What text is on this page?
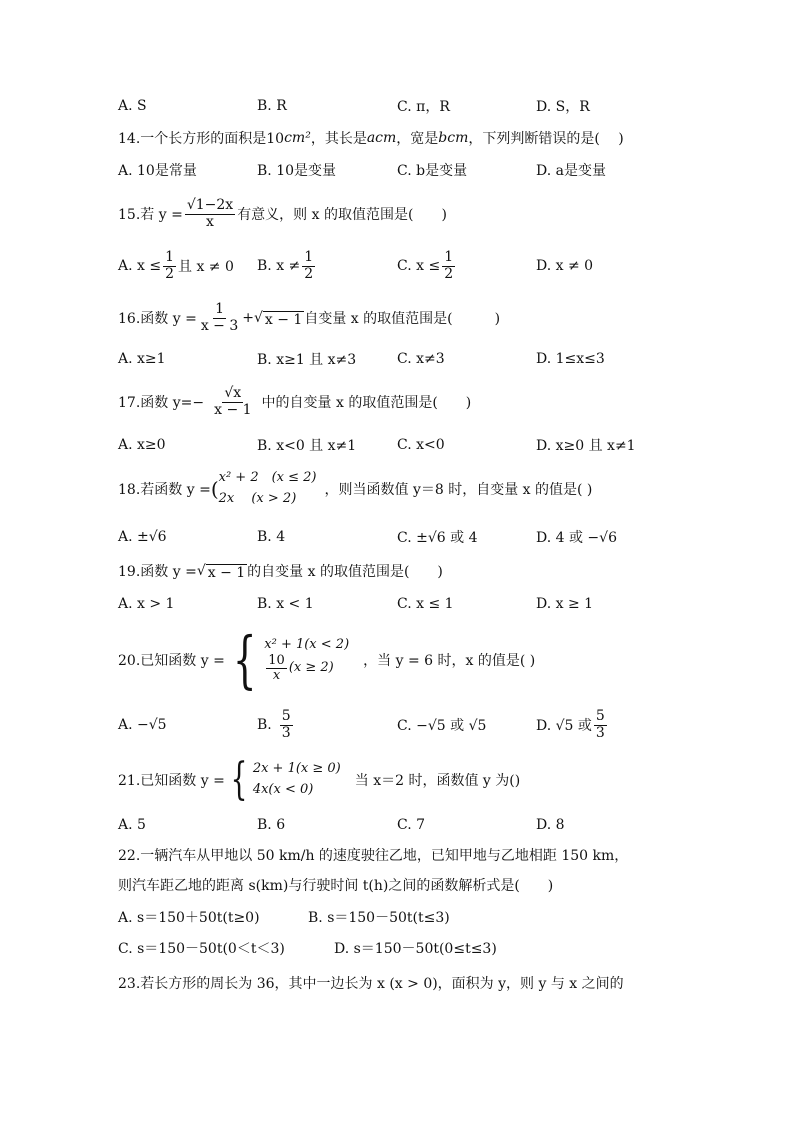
A. S	B. R	C. π，R	D. S，R
14.一个长方形的面积是10 cm² ，其长是 acm ，宽是 bcm ，下列判断错误的是(　 )
A. 10是常量	B. 10是变量	C. b是变量	D. a是变量
15.若 $y = \frac{√1-2x}{x}$ 有意义，则 x 的取值范围是(　　)
A. $x \le \frac{1}{2}$ 且 x ≠ 0 B. $x \ne \frac{1}{2}$	C. $x \le \frac{1}{2}$	D. x ≠ 0
16.函数 $y = \frac{1}{x - 3}$ + √ x − 1 自变量 x 的取值范围是(　　　)
A. x≥1	B. x≥1 且 x≠3	C. x≠3	D. 1≤x≤3
17.函数 $y=- \frac{√x}{x - 1}$ 中的自变量 x 的取值范围是(　　)
A. x≥0	B. x<0 且 x≠1	C. x<0	D. x≥0 且 x≠1
18.若函数 y = ( x² + 2　(x ≤ 2)
2x　 (x > 2)
，则当函数值 y＝8 时，自变量 x 的值是( )
A. ±√6	B. 4	C. ±√6 或 4	D. 4 或 −√6
19.函数 y = √ x − 1 的自变量 x 的取值范围是(　　)
A. x > 1	B. x < 1	C. x ≤ 1	D. x ≥ 1
20.已知函数 y = { x² + 1(x < 2)
$\frac{10}{x} (x \ge 2)$ ，当 y = 6 时，x 的值是( )
A. −√5	B. $\frac{5}{3}$	C. −√5 或 √5	D. √5 或 $\frac{5}{3}$
21.已知函数 y = { 2x + 1(x ≥ 0)
4x(x < 0)
当 x＝2 时，函数值 y 为()
A. 5	B. 6	C. 7	D. 8
22.一辆汽车从甲地以 50 km/h 的速度驶往乙地，已知甲地与乙地相距 150 km，
则汽车距乙地的距离 s(km)与行驶时间 t(h)之间的函数解析式是(　　)
A. s＝150＋50t(t≥0)	B. s＝150－50t(t≤3)
C. s＝150－50t(0＜t＜3)	D. s＝150－50t(0≤t≤3)
23.若长方形的周长为 36，其中一边长为 x (x > 0)，面积为 y，则 y 与 x 之间的
